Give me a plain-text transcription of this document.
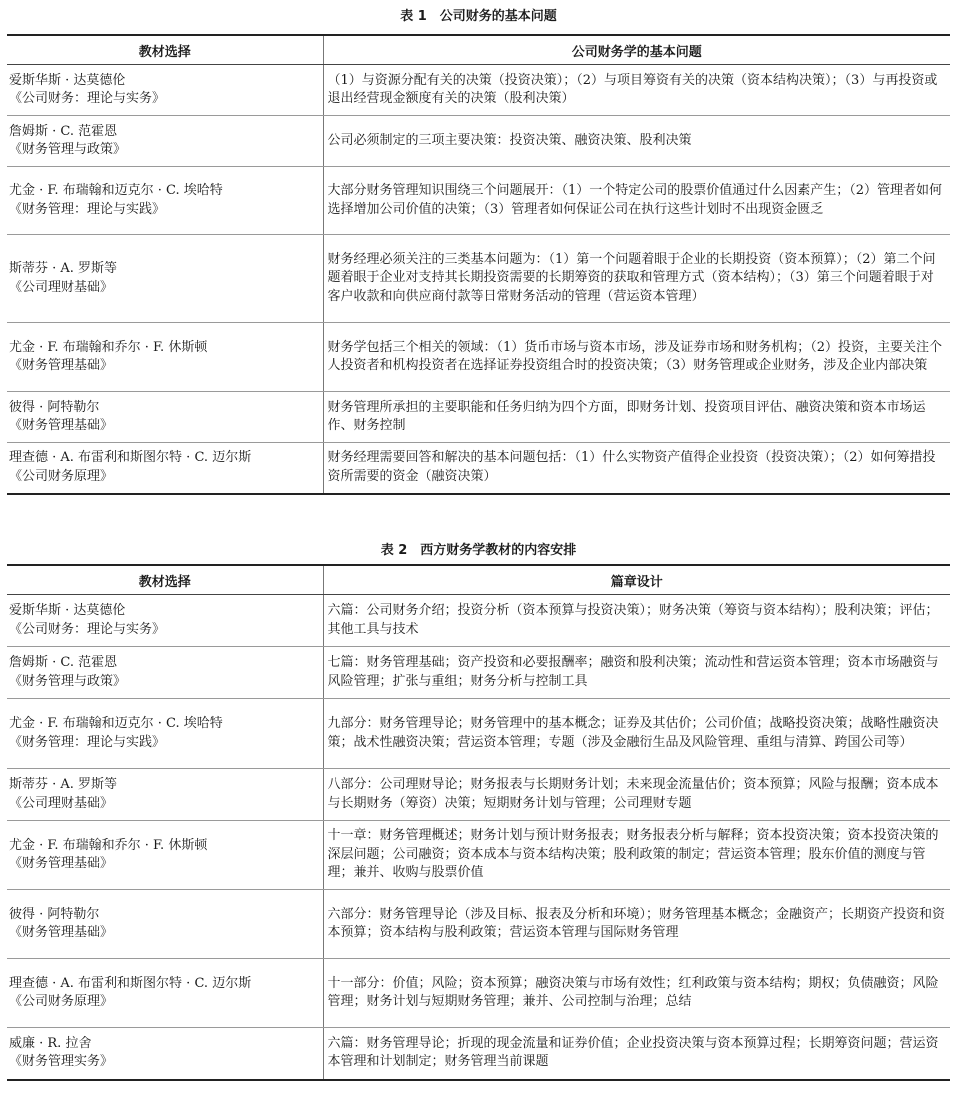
表 1　公司财务的基本问题
教材选择	公司财务学的基本问题

爱斯华斯 · 达莫德伦
《公司财务：理论与实务》	（1）与资源分配有关的决策（投资决策）；（2）与项目筹资有关的决策（资本结构决策）；（3）与再投资或退出经营现金额度有关的决策（股利决策）

詹姆斯 · C. 范霍恩
《财务管理与政策》	公司必须制定的三项主要决策：投资决策、融资决策、股利决策

尤金 · F. 布瑞翰和迈克尔 · C. 埃哈特
《财务管理：理论与实践》	大部分财务管理知识围绕三个问题展开：（1）一个特定公司的股票价值通过什么因素产生；（2）管理者如何选择增加公司价值的决策；（3）管理者如何保证公司在执行这些计划时不出现资金匮乏

斯蒂芬 · A. 罗斯等
《公司理财基础》	财务经理必须关注的三类基本问题为：（1）第一个问题着眼于企业的长期投资（资本预算）；（2）第二个问题着眼于企业对支持其长期投资需要的长期筹资的获取和管理方式（资本结构）；（3）第三个问题着眼于对客户收款和向供应商付款等日常财务活动的管理（营运资本管理）

尤金 · F. 布瑞翰和乔尔 · F. 休斯顿
《财务管理基础》	财务学包括三个相关的领域：（1）货币市场与资本市场，涉及证券市场和财务机构；（2）投资，主要关注个人投资者和机构投资者在选择证券投资组合时的投资决策；（3）财务管理或企业财务，涉及企业内部决策

彼得 · 阿特勒尔
《财务管理基础》	财务管理所承担的主要职能和任务归纳为四个方面，即财务计划、投资项目评估、融资决策和资本市场运作、财务控制

理查德 · A. 布雷利和斯图尔特 · C. 迈尔斯
《公司财务原理》	财务经理需要回答和解决的基本问题包括：（1）什么实物资产值得企业投资（投资决策）；（2）如何筹措投资所需要的资金（融资决策）
表 2　西方财务学教材的内容安排
教材选择	篇章设计

爱斯华斯 · 达莫德伦
《公司财务：理论与实务》	六篇：公司财务介绍；投资分析（资本预算与投资决策）；财务决策（筹资与资本结构）；股利决策；评估；其他工具与技术

詹姆斯 · C. 范霍恩
《财务管理与政策》	七篇：财务管理基础；资产投资和必要报酬率；融资和股利决策；流动性和营运资本管理；资本市场融资与风险管理；扩张与重组；财务分析与控制工具

尤金 · F. 布瑞翰和迈克尔 · C. 埃哈特
《财务管理：理论与实践》	九部分：财务管理导论；财务管理中的基本概念；证券及其估价；公司价值；战略投资决策；战略性融资决策；战术性融资决策；营运资本管理；专题（涉及金融衍生品及风险管理、重组与清算、跨国公司等）

斯蒂芬 · A. 罗斯等
《公司理财基础》	八部分：公司理财导论；财务报表与长期财务计划；未来现金流量估价；资本预算；风险与报酬；资本成本与长期财务（筹资）决策；短期财务计划与管理；公司理财专题

尤金 · F. 布瑞翰和乔尔 · F. 休斯顿
《财务管理基础》	十一章：财务管理概述；财务计划与预计财务报表；财务报表分析与解释；资本投资决策；资本投资决策的深层问题；公司融资；资本成本与资本结构决策；股利政策的制定；营运资本管理；股东价值的测度与管理；兼并、收购与股票价值

彼得 · 阿特勒尔
《财务管理基础》	六部分：财务管理导论（涉及目标、报表及分析和环境）；财务管理基本概念；金融资产；长期资产投资和资本预算；资本结构与股利政策；营运资本管理与国际财务管理

理查德 · A. 布雷利和斯图尔特 · C. 迈尔斯
《公司财务原理》	十一部分：价值；风险；资本预算；融资决策与市场有效性；红利政策与资本结构；期权；负债融资；风险管理；财务计划与短期财务管理；兼并、公司控制与治理；总结

威廉 · R. 拉舍
《财务管理实务》	六篇：财务管理导论；折现的现金流量和证券价值；企业投资决策与资本预算过程；长期筹资问题；营运资本管理和计划制定；财务管理当前课题
